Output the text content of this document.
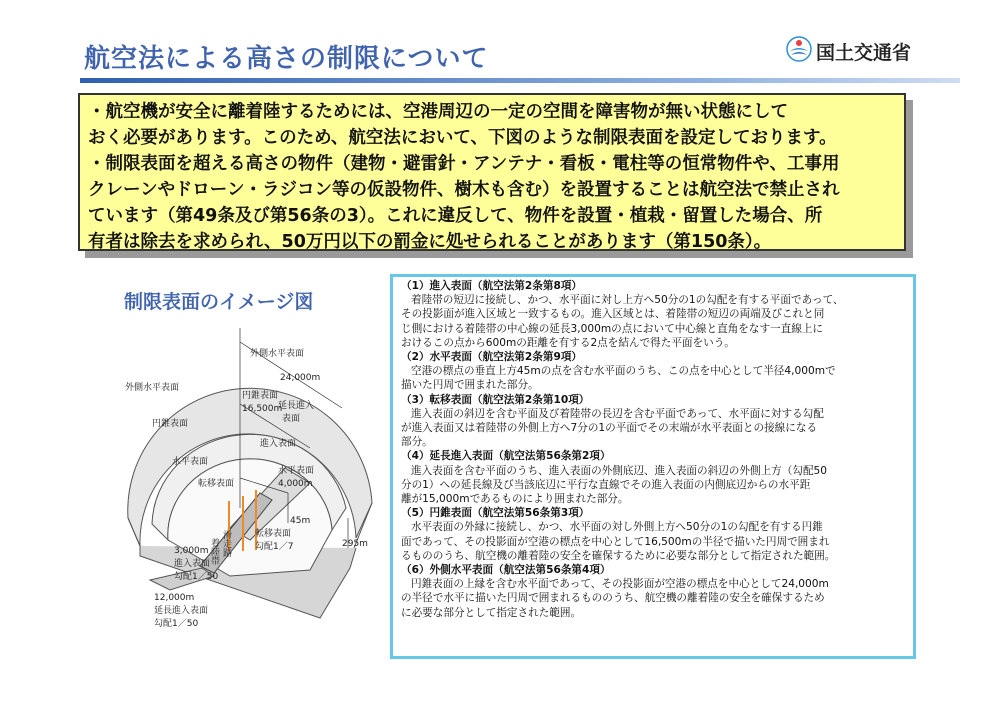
航空法による高さの制限について	国土交通省

・航空機が安全に離着陸するためには、空港周辺の一定の空間を障害物が無い状態にして

おく必要があります。このため、航空法において、下図のような制限表面を設定しております。

・制限表面を超える高さの物件（建物・避雷針・アンテナ・看板・電柱等の恒常物件や、工事用

クレーンやドローン・ラジコン等の仮設物件、樹木も含む）を設置することは航空法で禁止され

ています（第49条及び第56条の3）。これに違反して、物件を設置・植栽・留置した場合、所

有者は除去を求められ、50万円以下の罰金に処せられることがあります（第150条）。

制限表面のイメージ図
外側水平表面
外側水平表面
24,000m
円錐表面
円錐表面
16,500m
延長進入
表面
進入表面
水平表面
水平表面
4,000m
転移表面
45m
295m
着陸帯 滑走路	転移表面
勾配1／7
3,000m
進入表面
勾配1／50
12,000m
延長進入表面
勾配1／50

（1）進入表面（航空法第2条第8項）

着陸帯の短辺に接続し、かつ、水平面に対し上方へ50分の1の勾配を有する平面であって、
その投影面が進入区域と一致するもの。進入区域とは、着陸帯の短辺の両端及びこれと同
じ側における着陸帯の中心線の延長3,000mの点において中心線と直角をなす一直線上に
おけるこの点から600mの距離を有する2点を結んで得た平面をいう。

（2）水平表面（航空法第2条第9項）

空港の標点の垂直上方45mの点を含む水平面のうち、この点を中心として半径4,000mで
描いた円周で囲まれた部分。

（3）転移表面（航空法第2条第10項）

進入表面の斜辺を含む平面及び着陸帯の長辺を含む平面であって、水平面に対する勾配
が進入表面又は着陸帯の外側上方へ7分の1の平面でその末端が水平表面との接線になる
部分。

（4）延長進入表面（航空法第56条第2項）

進入表面を含む平面のうち、進入表面の外側底辺、進入表面の斜辺の外側上方（勾配50
分の1）への延長線及び当該底辺に平行な直線でその進入表面の内側底辺からの水平距
離が15,000mであるものにより囲まれた部分。

（5）円錐表面（航空法第56条第3項）

水平表面の外縁に接続し、かつ、水平面の対し外側上方へ50分の1の勾配を有する円錐
面であって、その投影面が空港の標点を中心として16,500mの半径で描いた円周で囲まれ
るもののうち、航空機の離着陸の安全を確保するために必要な部分として指定された範囲。

（6）外側水平表面（航空法第56条第4項）

円錐表面の上縁を含む水平面であって、その投影面が空港の標点を中心として24,000m
の半径で水平に描いた円周で囲まれるもののうち、航空機の離着陸の安全を確保するため
に必要な部分として指定された範囲。
